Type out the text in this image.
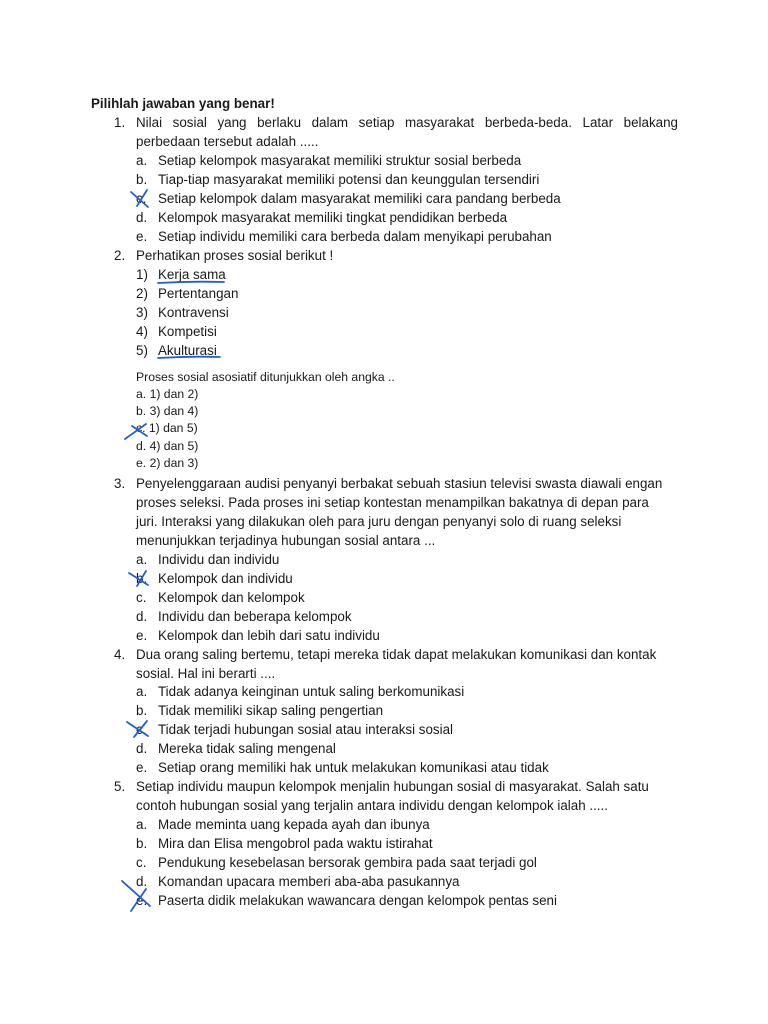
Pilihlah jawaban yang benar!
1. Nilai sosial yang berlaku dalam setiap masyarakat berbeda-beda. Latar belakang
perbedaan tersebut adalah .....
a. Setiap kelompok masyarakat memiliki struktur sosial berbeda
b. Tiap-tiap masyarakat memiliki potensi dan keunggulan tersendiri
c. Setiap kelompok dalam masyarakat memiliki cara pandang berbeda
d. Kelompok masyarakat memiliki tingkat pendidikan berbeda
e. Setiap individu memiliki cara berbeda dalam menyikapi perubahan
2. Perhatikan proses sosial berikut !
1) Kerja sama
2) Pertentangan
3) Kontravensi
4) Kompetisi
5) Akulturasi
Proses sosial asosiatif ditunjukkan oleh angka ..
a. 1) dan 2)
b. 3) dan 4)
c. 1) dan 5)
d. 4) dan 5)
e. 2) dan 3)
3. Penyelenggaraan audisi penyanyi berbakat sebuah stasiun televisi swasta diawali engan
proses seleksi. Pada proses ini setiap kontestan menampilkan bakatnya di depan para
juri. Interaksi yang dilakukan oleh para juru dengan penyanyi solo di ruang seleksi
menunjukkan terjadinya hubungan sosial antara ...
a. Individu dan individu
b. Kelompok dan individu
c. Kelompok dan kelompok
d. Individu dan beberapa kelompok
e. Kelompok dan lebih dari satu individu
4. Dua orang saling bertemu, tetapi mereka tidak dapat melakukan komunikasi dan kontak
sosial. Hal ini berarti ....
a. Tidak adanya keinginan untuk saling berkomunikasi
b. Tidak memiliki sikap saling pengertian
c. Tidak terjadi hubungan sosial atau interaksi sosial
d. Mereka tidak saling mengenal
e. Setiap orang memiliki hak untuk melakukan komunikasi atau tidak
5. Setiap individu maupun kelompok menjalin hubungan sosial di masyarakat. Salah satu
contoh hubungan sosial yang terjalin antara individu dengan kelompok ialah .....
a. Made meminta uang kepada ayah dan ibunya
b. Mira dan Elisa mengobrol pada waktu istirahat
c. Pendukung kesebelasan bersorak gembira pada saat terjadi gol
d. Komandan upacara memberi aba-aba pasukannya
e. Paserta didik melakukan wawancara dengan kelompok pentas seni
